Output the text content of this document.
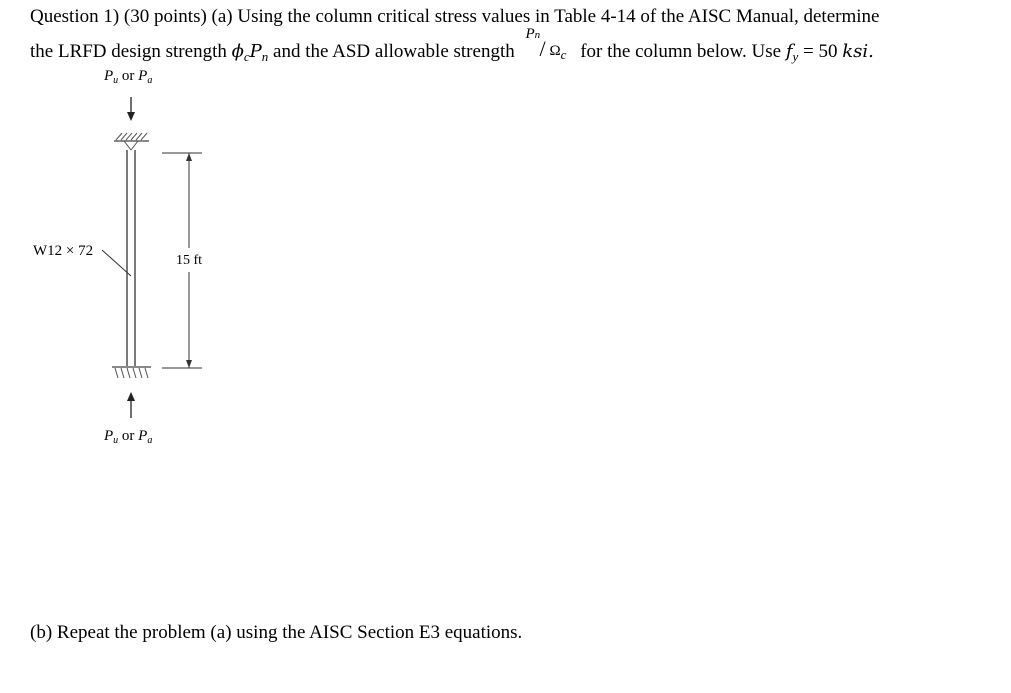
Question 1) (30 points) (a) Using the column critical stress values in Table 4-14 of the AISC Manual, determine
the LRFD design strength $\phi_cP_n$ and the ASD allowable strength
Pn
/ Ωc for the column below. Use $f_y = 50$ ksi.
$P_u$ or $P_a$
$P_u$ or $P_a$
W12 × 72
15 ft
(b) Repeat the problem (a) using the AISC Section E3 equations.
